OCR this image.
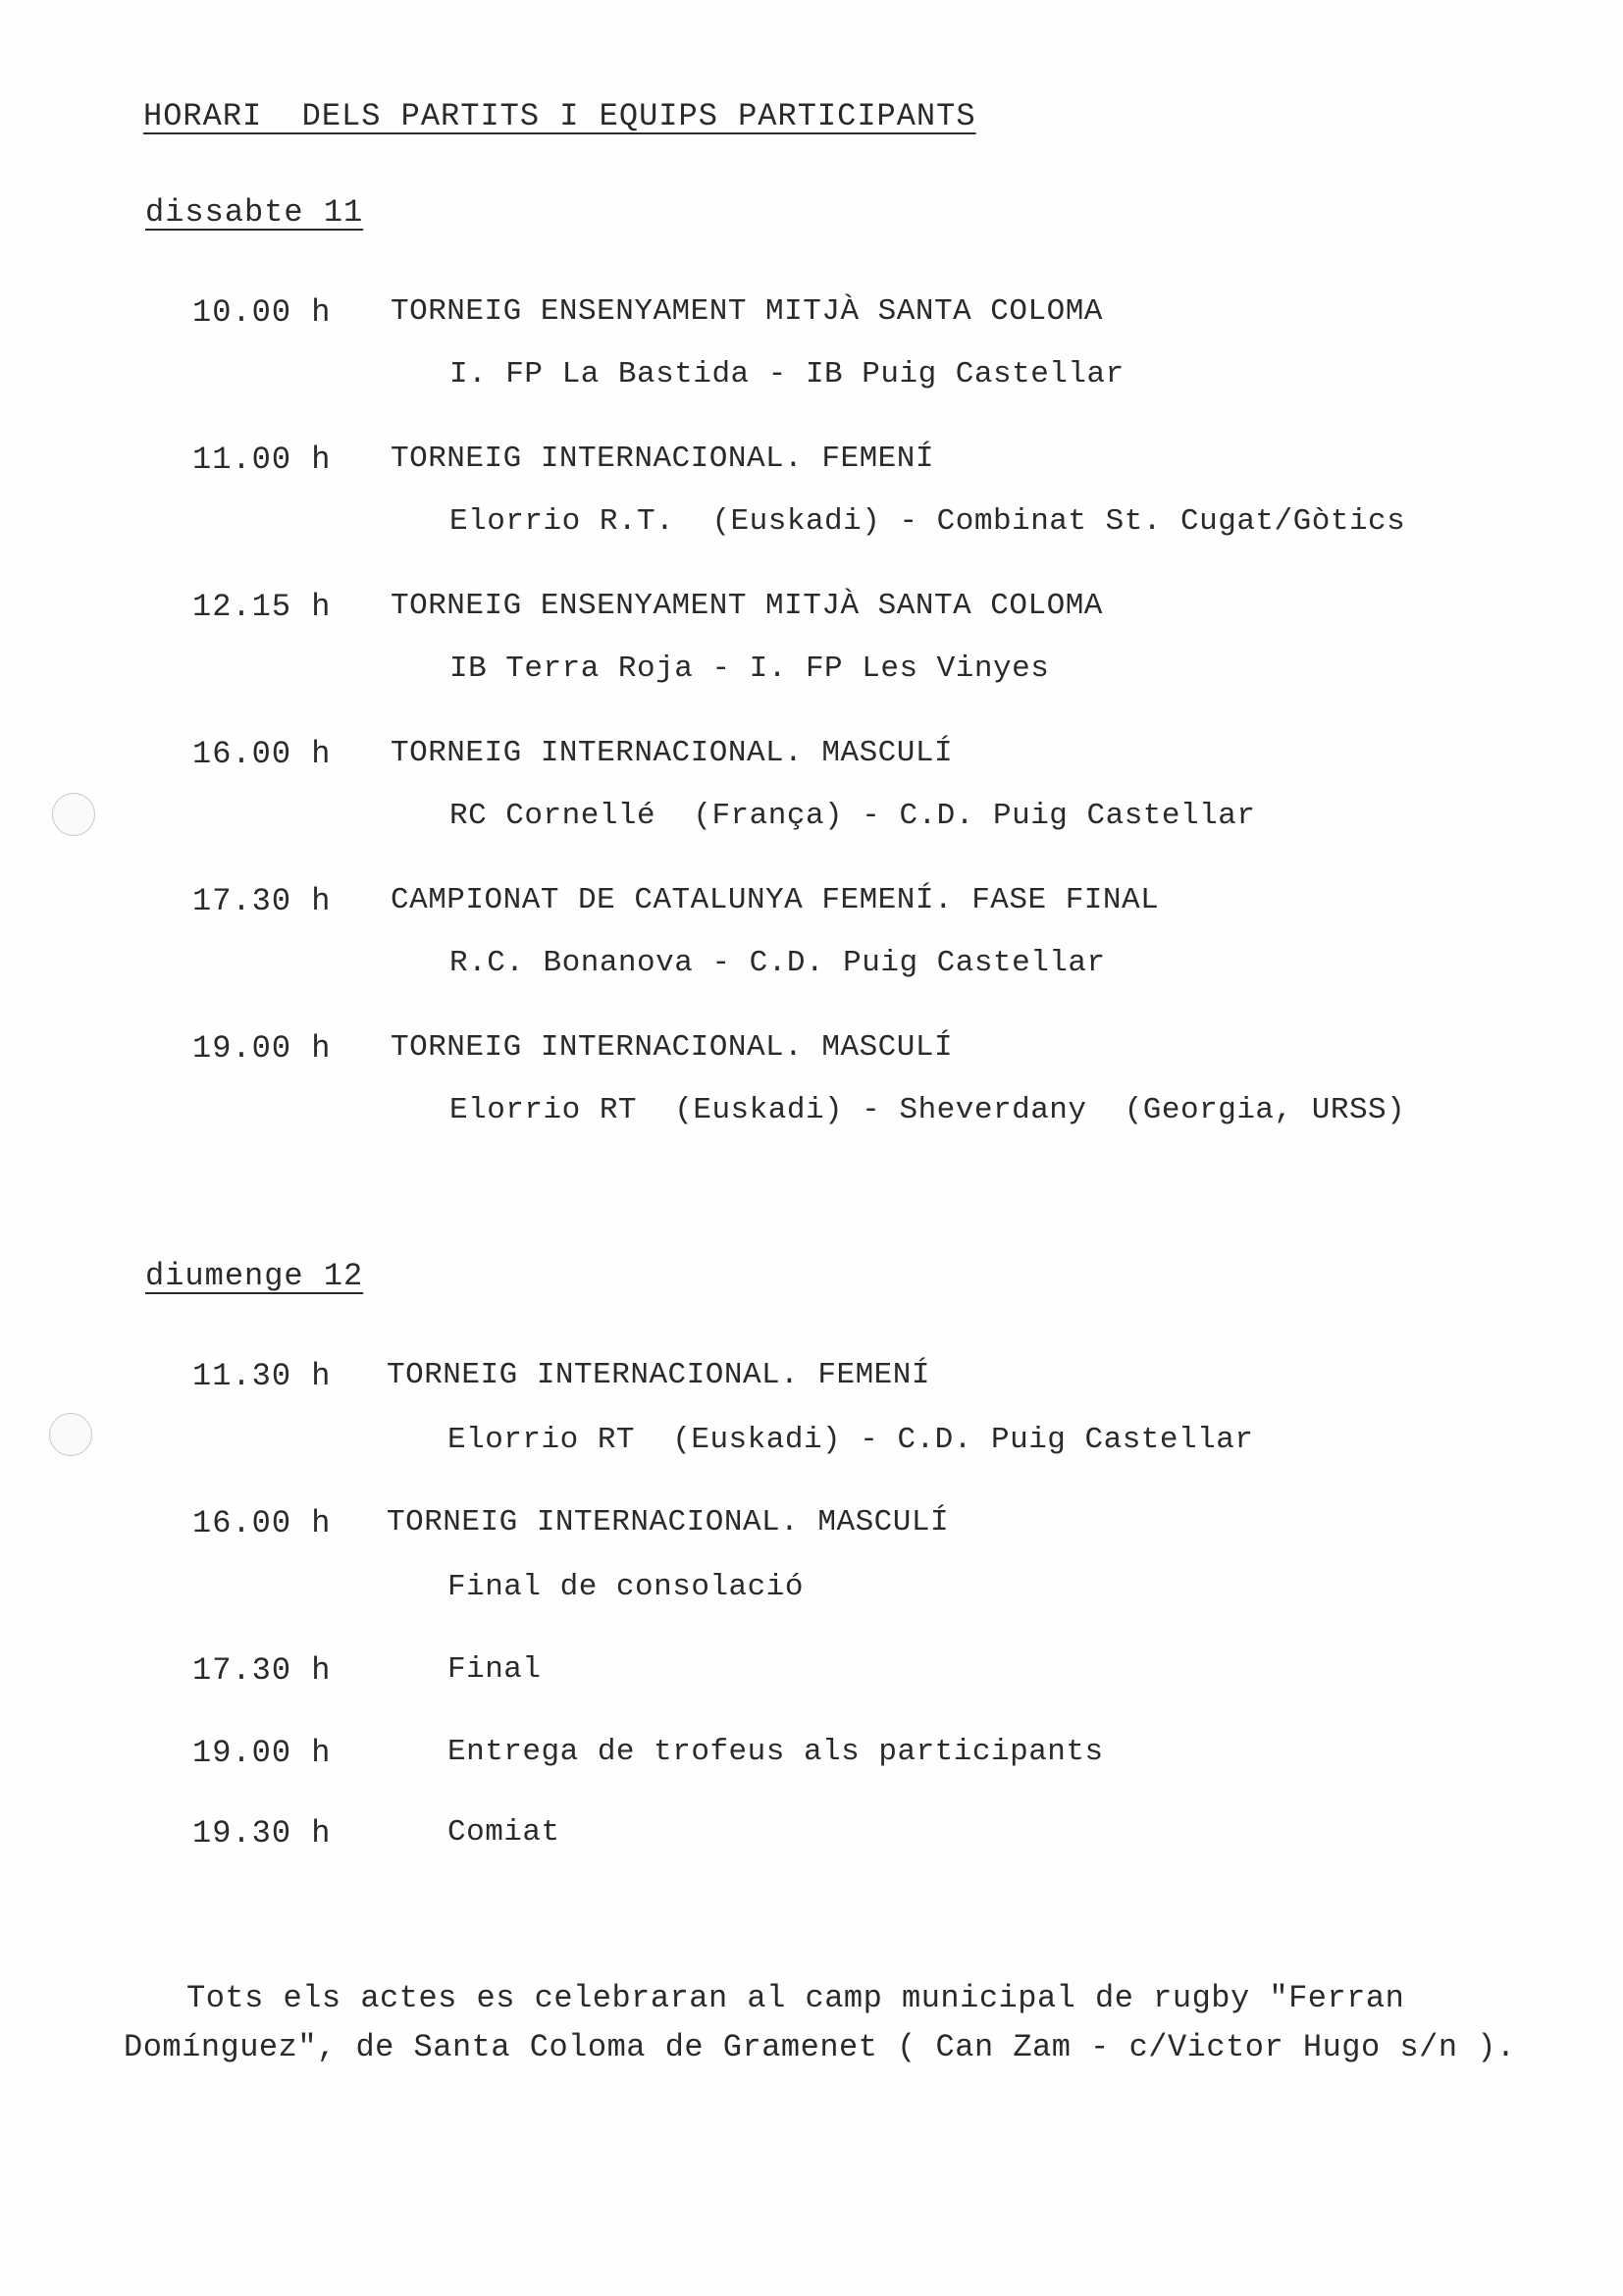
HORARI  DELS PARTITS I EQUIPS PARTICIPANTS
dissabte 11
10.00 h TORNEIG ENSENYAMENT MITJÀ SANTA COLOMA
I. FP La Bastida - IB Puig Castellar
11.00 h TORNEIG INTERNACIONAL. FEMENÍ
Elorrio R.T.  (Euskadi) - Combinat St. Cugat/Gòtics
12.15 h TORNEIG ENSENYAMENT MITJÀ SANTA COLOMA
IB Terra Roja - I. FP Les Vinyes
16.00 h TORNEIG INTERNACIONAL. MASCULÍ
RC Cornellé  (França) - C.D. Puig Castellar
17.30 h CAMPIONAT DE CATALUNYA FEMENÍ. FASE FINAL
R.C. Bonanova - C.D. Puig Castellar
19.00 h TORNEIG INTERNACIONAL. MASCULÍ
Elorrio RT  (Euskadi) - Sheverdany  (Georgia, URSS)
diumenge 12
11.30 h TORNEIG INTERNACIONAL. FEMENÍ
Elorrio RT  (Euskadi) - C.D. Puig Castellar
16.00 h TORNEIG INTERNACIONAL. MASCULÍ
Final de consolació
17.30 h	Final
19.00 h	Entrega de trofeus als participants
19.30 h	Comiat

Tots els actes es celebraran al camp municipal de rugby "Ferran

Domínguez", de Santa Coloma de Gramenet ( Can Zam - c/Victor Hugo s/n ).
